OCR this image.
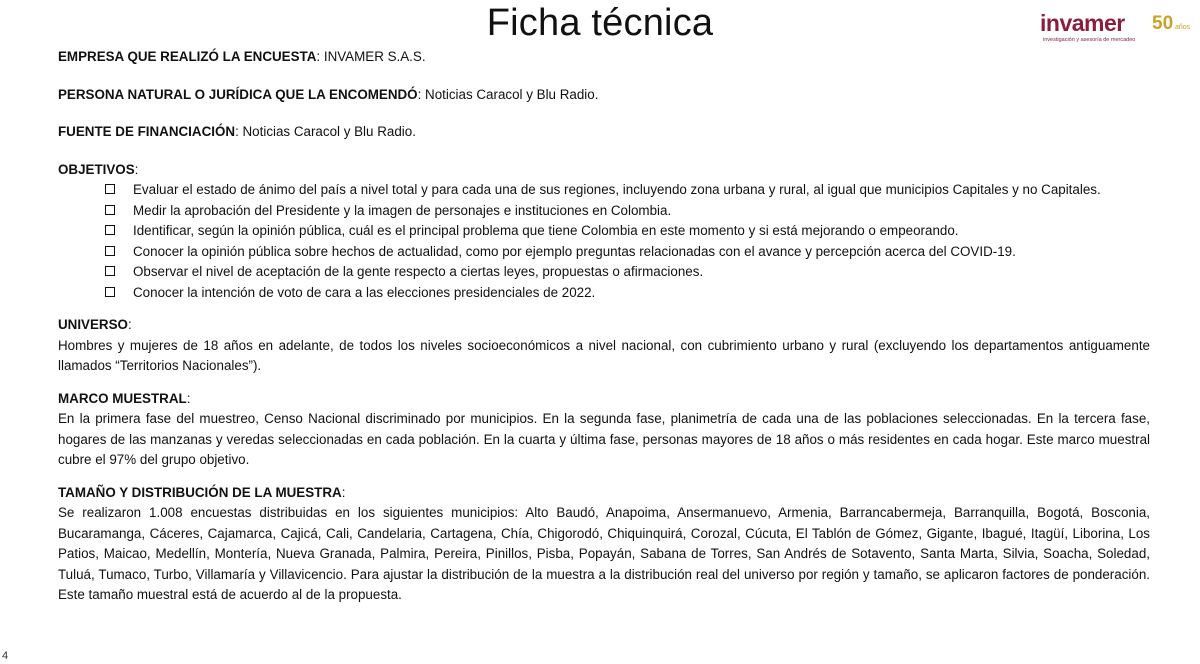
Ficha técnica	invamer 50 años
investigación y asesoría de mercadeo

EMPRESA QUE REALIZÓ LA ENCUESTA: INVAMER S.A.S.

PERSONA NATURAL O JURÍDICA QUE LA ENCOMENDÓ: Noticias Caracol y Blu Radio.

FUENTE DE FINANCIACIÓN: Noticias Caracol y Blu Radio.

OBJETIVOS:

Evaluar el estado de ánimo del país a nivel total y para cada una de sus regiones, incluyendo zona urbana y rural, al igual que municipios Capitales y no Capitales.
Medir la aprobación del Presidente y la imagen de personajes e instituciones en Colombia.
Identificar, según la opinión pública, cuál es el principal problema que tiene Colombia en este momento y si está mejorando o empeorando.
Conocer la opinión pública sobre hechos de actualidad, como por ejemplo preguntas relacionadas con el avance y percepción acerca del COVID-19.
Observar el nivel de aceptación de la gente respecto a ciertas leyes, propuestas o afirmaciones.
Conocer la intención de voto de cara a las elecciones presidenciales de 2022.

UNIVERSO:

Hombres y mujeres de 18 años en adelante, de todos los niveles socioeconómicos a nivel nacional, con cubrimiento urbano y rural (excluyendo los departamentos antiguamente llamados “Territorios Nacionales”).

MARCO MUESTRAL:

En la primera fase del muestreo, Censo Nacional discriminado por municipios. En la segunda fase, planimetría de cada una de las poblaciones seleccionadas. En la tercera fase, hogares de las manzanas y veredas seleccionadas en cada población. En la cuarta y última fase, personas mayores de 18 años o más residentes en cada hogar. Este marco muestral cubre el 97% del grupo objetivo.

TAMAÑO Y DISTRIBUCIÓN DE LA MUESTRA:

Se realizaron 1.008 encuestas distribuidas en los siguientes municipios: Alto Baudó, Anapoima, Ansermanuevo, Armenia, Barrancabermeja, Barranquilla, Bogotá, Bosconia, Bucaramanga, Cáceres, Cajamarca, Cajicá, Cali, Candelaria, Cartagena, Chía, Chigorodó, Chiquinquirá, Corozal, Cúcuta, El Tablón de Gómez, Gigante, Ibagué, Itagüí, Liborina, Los Patios, Maicao, Medellín, Montería, Nueva Granada, Palmira, Pereira, Pinillos, Pisba, Popayán, Sabana de Torres, San Andrés de Sotavento, Santa Marta, Silvia, Soacha, Soledad, Tuluá, Tumaco, Turbo, Villamaría y Villavicencio. Para ajustar la distribución de la muestra a la distribución real del universo por región y tamaño, se aplicaron factores de ponderación. Este tamaño muestral está de acuerdo al de la propuesta.

4
